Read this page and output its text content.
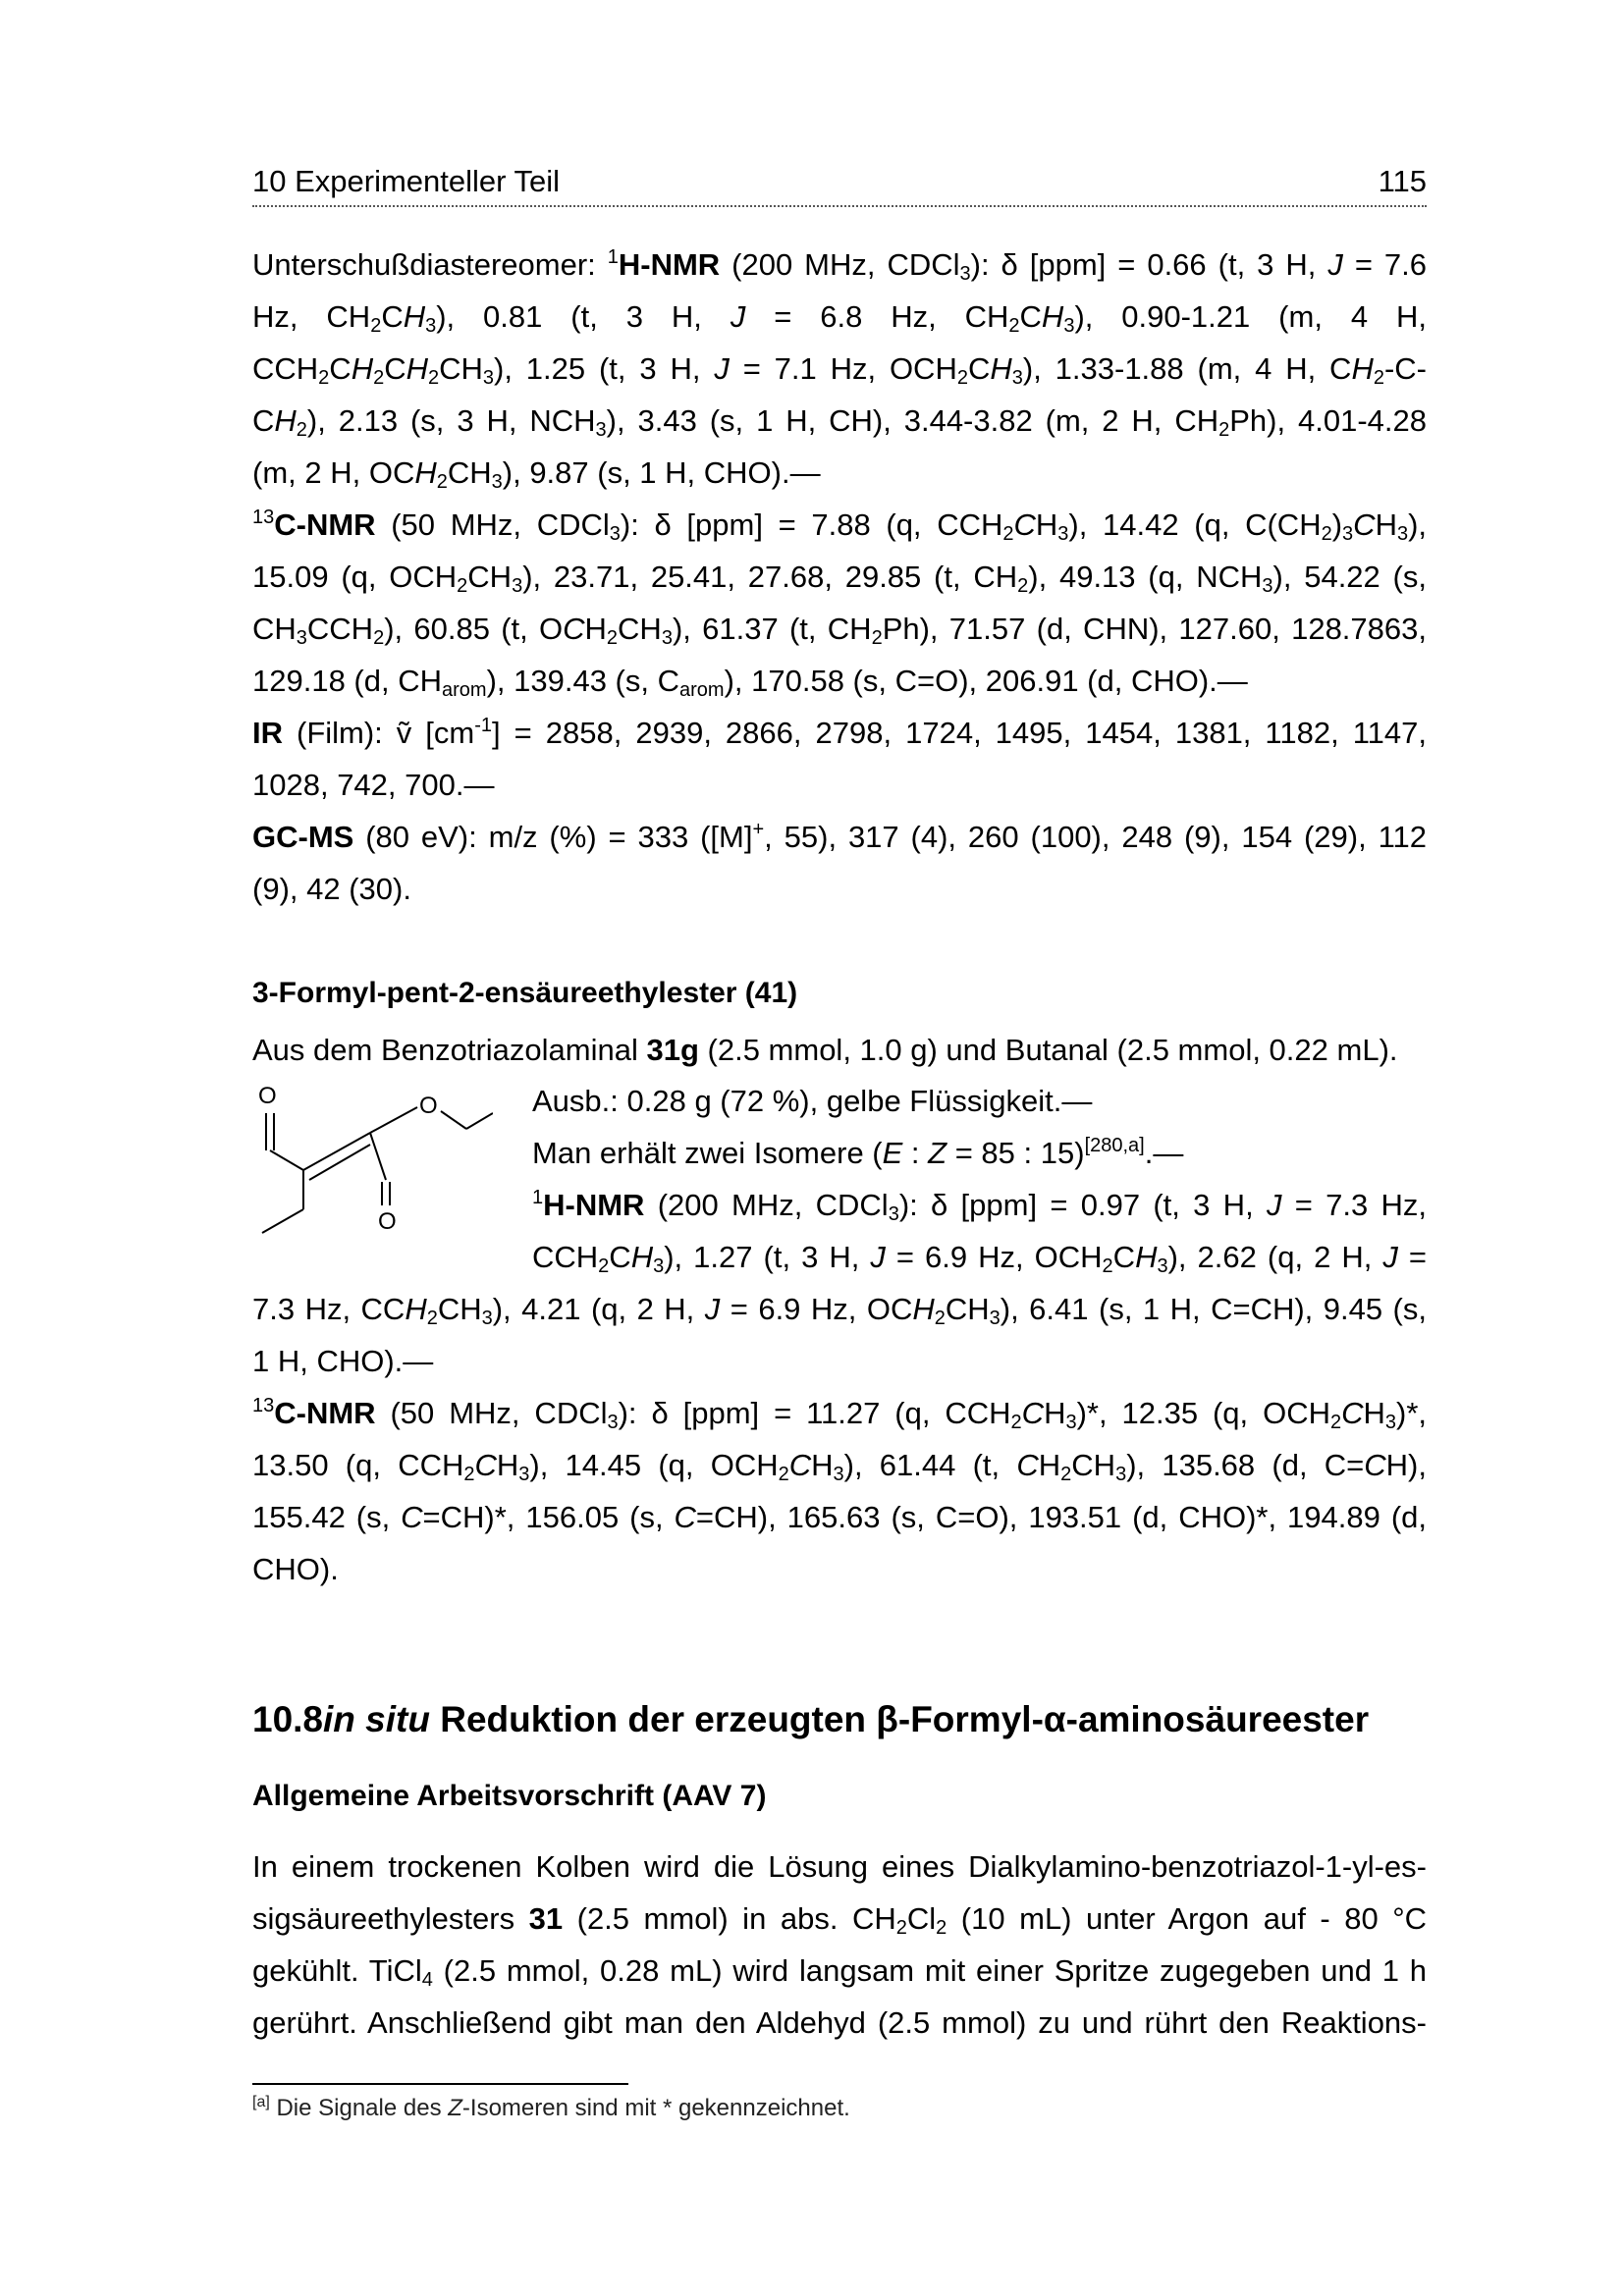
10 Experimenteller Teil	115

Unterschußdiastereomer: $^1$H-NMR (200 MHz, CDCl$_3$): δ [ppm] = 0.66 (t, 3 H, J = 7.6

Hz, $CH_2CH_3$), 0.81 (t, 3 H, J = 6.8 Hz, $CH_2CH_3$), 0.90-1.21 (m, 4 H,

$CCH_2CH_2CH_2CH_3$), 1.25 (t, 3 H, J = 7.1 Hz, $OCH_2CH_3$), 1.33-1.88 (m, 4 H, $CH_2-C-$

$CH_2$), 2.13 (s, 3 H, $NCH_3$), 3.43 (s, 1 H, CH), 3.44-3.82 (m, 2 H, $CH_2Ph$), 4.01-4.28

(m, 2 H, $OCH_2CH_3$), 9.87 (s, 1 H, CHO).—

$^{13}$C-NMR (50 MHz, CDCl$_3$): δ [ppm] = 7.88 (q, $CCH_2CH_3$), 14.42 (q, $C(CH_2)_3CH_3$),

15.09 (q, $OCH_2CH_3$), 23.71, 25.41, 27.68, 29.85 (t, $CH_2$), 49.13 (q, $NCH_3$), 54.22 (s,

$CH_3CCH_2$), 60.85 (t, $OCH_2CH_3$), 61.37 (t, $CH_2Ph$), 71.57 (d, CHN), 127.60, 128.7863,

129.18 (d, $CH_{arom}$), 139.43 (s, $C_{arom}$), 170.58 (s, C=O), 206.91 (d, CHO).—

IR (Film): ṽ $[cm^{-1}] = 2858$, 2939, 2866, 2798, 1724, 1495, 1454, 1381, 1182, 1147,

1028, 742, 700.—

GC-MS (80 eV): m/z (%) = 333 ([M]+, 55), 317 (4), 260 (100), 248 (9), 154 (29), 112

(9), 42 (30).

3-Formyl-pent-2-ensäureethylester (41)

Aus dem Benzotriazolaminal 31g (2.5 mmol, 1.0 g) und Butanal (2.5 mmol, 0.22 mL).

O	O
O

Ausb.: 0.28 g (72 %), gelbe Flüssigkeit.—

Man erhält zwei Isomere (E : Z = 85 : 15)[280,a].—

$^1$H-NMR (200 MHz, CDCl$_3$): δ [ppm] = 0.97 (t, 3 H, J = 7.3 Hz,

$CCH_2CH_3$), 1.27 (t, 3 H, J = 6.9 Hz, $OCH_2CH_3$), 2.62 (q, 2 H, J =

7.3 Hz, $CCH_2CH_3$), 4.21 (q, 2 H, J = 6.9 Hz, $OCH_2CH_3$), 6.41 (s, 1 H, C=CH), 9.45 (s,

1 H, CHO).—

$^{13}$C-NMR (50 MHz, CDCl$_3$): δ [ppm] = 11.27 (q, $CCH_2CH_3)*$, 12.35 (q, $OCH_2CH_3)*$,

13.50 (q, $CCH_2CH_3$), 14.45 (q, $OCH_2CH_3$), 61.44 (t, $CH_2CH_3$), 135.68 (d, C=CH),

155.42 (s, C=CH)*, 156.05 (s, C=CH), 165.63 (s, C=O), 193.51 (d, CHO)*, 194.89 (d,

CHO).

10.8in situ Reduktion der erzeugten β-Formyl-α-aminosäureester
Allgemeine Arbeitsvorschrift (AAV 7)

In einem trockenen Kolben wird die Lösung eines Dialkylamino-benzotriazol-1-yl-es-

sigsäureethylesters 31 (2.5 mmol) in abs. $CH_2Cl_2$ (10 mL) unter Argon auf - 80 °C

gekühlt. TiCl$_4$ (2.5 mmol, 0.28 mL) wird langsam mit einer Spritze zugegeben und 1 h

gerührt. Anschließend gibt man den Aldehyd (2.5 mmol) zu und rührt den Reaktions-

[a] Die Signale des Z-Isomeren sind mit * gekennzeichnet.
